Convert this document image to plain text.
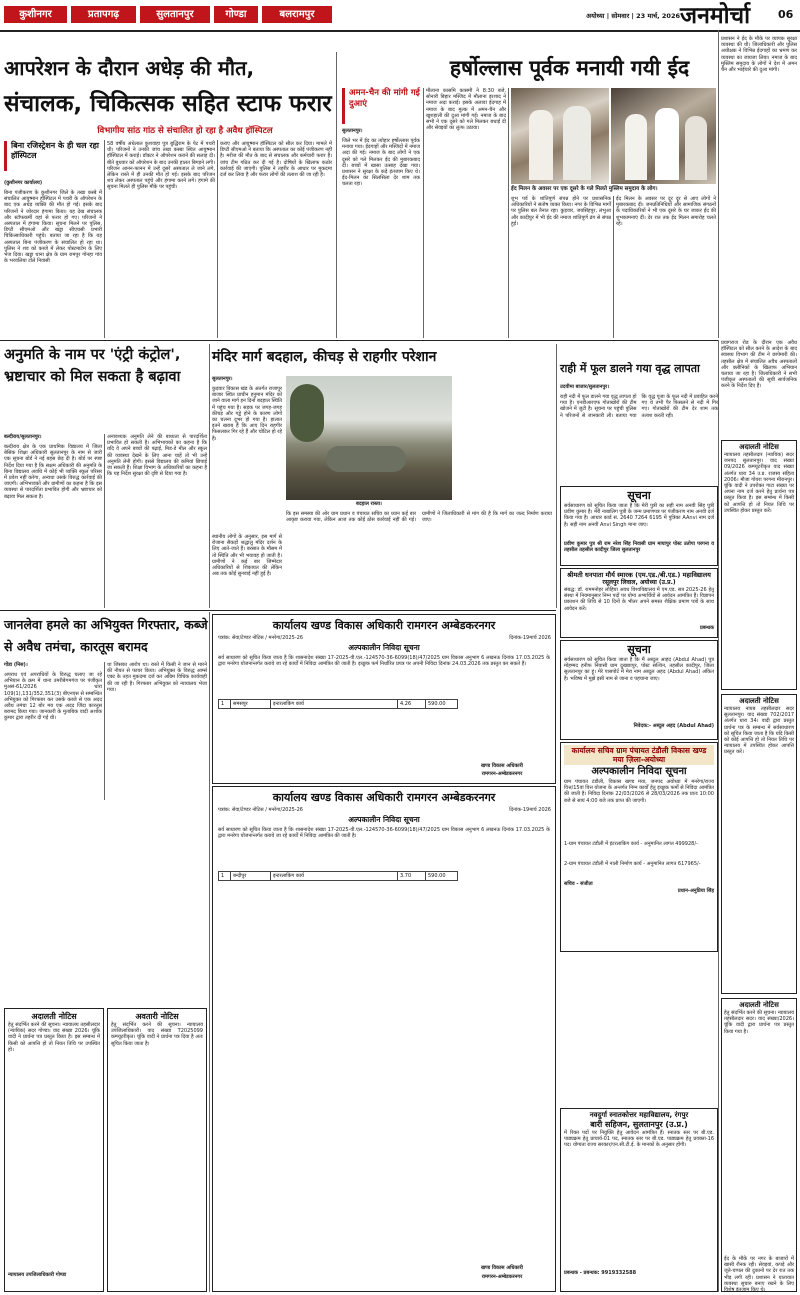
कुशीनगर	प्रतापगढ़	सुलतानपुर	गोण्डा	बलरामपुर	अयोध्या | सोमवार | 23 मार्च, 2026 जनमोर्चा	06
आपरेशन के दौरान अधेड़ की मौत,
संचालक, चिकित्सक सहित स्टाफ फरार
विभागीय सांठ गांठ से संचालित हो रहा है अवैध हॉस्पिटल
बिना रजिस्ट्रेशन के ही चल रहा हॉस्पिटल
(कुशीनगर कार्यालय)
बिना पंजीकरण के कुशीनगर जिले के तखा कस्बे में संचालित आयुष्मान हॉस्पिटल में पथरी के ऑपरेशन के बाद एक अधेड़ व्यक्ति की मौत हो गई। इसके बाद परिजनों ने जोरदार हंगामा किया। यह देख संचालक और स्टॉफकर्मी वहां से फरार हो गए। परिजनों ने अस्पताल में हंगामा किया। सूचना मिलने पर पुलिस, डिप्टी सीएमओ और खड्डा सीएचसी प्रभारी चिकित्साधिकारी पहुंचे। बताया जा रहा है कि यह अस्पताल बिना पंजीकरण के संचालित हो रहा था। पुलिस ने शव को कब्जे में लेकर पोस्टमार्टम के लिए भेज दिया। खड्डा थाना क्षेत्र के ग्राम रामपुर गोनहा गांव के भरवलिया टोले निवासी
58 वर्षीय अंधेलाल कुशवाहा पुत्र बुद्धिराम के पेट में पथरी थी। परिजनों ने उनकी जांच तखा कस्बा स्थित आयुष्मान हॉस्पिटल में कराई। डॉक्टर ने ऑपरेशन कराने की सलाह दी। बीते बुधवार को ऑपरेशन के बाद उनकी हालत बिगड़ने लगी। परिजन आनन-फानन में उन्हें दूसरे अस्पताल ले जाने लगे, लेकिन रास्ते में ही उनकी मौत हो गई। इसके बाद परिजन शव लेकर अस्पताल पहुंचे और हंगामा करने लगे। हंगामे की सूचना मिलते ही पुलिस मौके पर पहुंची।
कराए और आयुष्मान हॉस्पिटल को सील कर दिया। मामले में डिप्टी सीएमओ ने बताया कि अस्पताल का कोई पंजीकरण नहीं है। मरीज की मौत के बाद से संचालक और कर्मचारी फरार हैं। जांच टीम गठित कर दी गई है। दोषियों के खिलाफ कठोर कार्रवाई की जाएगी। पुलिस ने तहरीर के आधार पर मुकदमा दर्ज कर लिया है और फरार लोगों की तलाश की जा रही है।
हर्षोल्लास पूर्वक मनायी गयी ईद
अमन-चैन की मांगी गई दुआएं
सुलतानपुर।
जिले भर में ईद का त्योहार हर्षोल्लास पूर्वक मनाया गया। ईदगाहों और मस्जिदों में नमाज अदा की गई। नमाज के बाद लोगों ने एक दूसरे को गले मिलकर ईद की मुबारकबाद दी। बच्चों में खासा उत्साह देखा गया। प्रशासन ने सुरक्षा के कड़े इंतजाम किए थे। ईद-मिलन का सिलसिला देर शाम तक चलता रहा।
मौलाना कासमि कासमी ने 8:30 बजे, सोनारी बिहार मस्जिद में मौलाना इरशाद ने नमाज अदा कराई। इसके अलावा ईदगाह में नमाज के बाद मुल्क में अमन-चैन और खुशहाली की दुआ मांगी गई। नमाज के बाद सभी ने एक दूसरे को गले मिलकर बधाई दी और सेवइयों का लुत्फ उठाया।
ईद मिलन के अवसर पर एक दूसरे के गले मिलते मुस्लिम समुदाय के लोग।
शुभ पर्व के शांतिपूर्ण संपन्न होने पर प्रशासनिक अधिकारियों ने संतोष व्यक्त किया। नगर के विभिन्न मार्गों पर पुलिस बल तैनात रहा। कुड़वार, जयसिंहपुर, लंभुआ और कादीपुर में भी ईद की नमाज शांतिपूर्ण ढंग से संपन्न हुई।
ईद मिलन के अवसर पर दूर दूर से आए लोगों ने मुबारकबाद दी। जनप्रतिनिधियों और सामाजिक संगठनों के पदाधिकारियों ने भी एक दूसरे के घर जाकर ईद की शुभकामनाएं दीं। देर रात तक ईद मिलन समारोह चलते रहे।
प्रशासन ने ईद के मौके पर व्यापक सुरक्षा व्यवस्था की थी। जिलाधिकारी और पुलिस अधीक्षक ने विभिन्न ईदगाहों का भ्रमण कर व्यवस्था का जायजा लिया। नमाज के बाद मुस्लिम समुदाय के लोगों ने देश में अमन चैन और भाईचारे की दुआ मांगी।
अनुमति के नाम पर 'एंट्री कंट्रोल', भ्रष्टाचार को मिल सकता है बढ़ावा
बल्दीराय/सुलतानपुर।
बल्दीराय क्षेत्र के एक प्राथमिक विद्यालय में जिला बेसिक शिक्षा अधिकारी सुलतानपुर के नाम से जारी एक सूचना बोर्ड ने नई बहस छेड़ दी है। बोर्ड पर स्पष्ट निर्देश दिया गया है कि सक्षम अधिकारी की अनुमति के बिना विद्यालय अवधि में कोई भी व्यक्ति स्कूल परिसर में प्रवेश नहीं करेगा, अन्यथा उसके विरुद्ध कार्रवाई की जाएगी। अभिभावकों और ग्रामीणों का कहना है कि इस व्यवस्था से पारदर्शिता प्रभावित होगी और भ्रष्टाचार को बढ़ावा मिल सकता है।
अनावश्यक अनुमति लेने की बाध्यता से पारदर्शिता प्रभावित हो सकती है। अभिभावकों का कहना है कि यदि वे अपने बच्चों की पढ़ाई, मिड-डे मील और स्कूल की व्यवस्था देखने के लिए आना चाहें तो भी उन्हें अनुमति लेनी होगी। इससे विद्यालय की कमियां छिपाई जा सकती हैं। शिक्षा विभाग के अधिकारियों का कहना है कि यह निर्देश सुरक्षा की दृष्टि से दिया गया है।
मंदिर मार्ग बदहाल, कीचड़ से राहगीर परेशान
सुलतानपुर।
कुड़वार विकास खंड के अंतर्गत राजापुर बाजार स्थित प्राचीन हनुमान मंदिर को जाने वाला मार्ग इन दिनों बदहाल स्थिति में पहुंच गया है। सड़क पर जगह-जगह कीचड़ और गड्ढे होने के कारण लोगों का चलना दूभर हो गया है। हालात इतने खराब हैं कि आए दिन राहगीर फिसलकर गिर रहे हैं और चोटिल हो रहे हैं।
बदहाल रास्ता।
स्थानीय लोगों के अनुसार, इस मार्ग से रोजाना सैकड़ों श्रद्धालु मंदिर दर्शन के लिए आते-जाते हैं। बरसात के मौसम में तो स्थिति और भी भयावह हो जाती है। ग्रामीणों ने कई बार जिम्मेदार अधिकारियों से शिकायत की लेकिन अब तक कोई सुनवाई नहीं हुई है।
कि इस समस्या की ओर ग्राम प्रधान व पंचायत सचिव का ध्यान कई बार आकृष्ट कराया गया, लेकिन आज तक कोई ठोस कार्रवाई नहीं की गई। ग्रामीणों ने जिलाधिकारी से मांग की है कि मार्ग का जल्द निर्माण कराया जाए।
राही में फूल डालने गया वृद्ध लापता
उदयीमा बाजार/सुलतानपुर।
राही नदी में फूल डालने गया वृद्ध लापता हो गया है। एनडीआरएफ गोताखोरों की टीम खोजने में जुटी है। सूचना पर पहुंची पुलिस ने परिजनों से जानकारी ली। बताया गया कि वृद्ध पूजा के फूल नदी में प्रवाहित करने गए थे तभी पैर फिसलने से नदी में गिर गए। गोताखोरों की टीम देर शाम तक तलाश करती रही।
सूचना
सर्वसाधारण को सूचित किया जाता है कि मेरी पुत्री का सही नाम अनवी सिंह पुत्री प्रवीण कुमार है। मेरी नाबालिग पुत्री के जन्म प्रमाणपत्र पर पंजीकरण नाम अनवी दर्ज किया गया है। आधार कार्ड सं. 2640 7264 6195 में पुत्रिका AAnvi नाम दर्ज है। सही नाम अनवी Anvi Singh माना जाए।
प्रवीण कुमार पुत्र श्री राम नरेश सिंह निवासी ग्राम मायापुर पोस्ट उतोपा परगना व तहसील तहसील कादीपुर जिला सुलतानपुर
श्रीमती धनपाता मौर्य स्मारक (एम.एड./बी.एड.) महाविद्यालय
रसूलपुर लिवाल, अयोध्या (उ.प्र.)
संबद्ध: डॉ. राममनोहर लोहिया अवध विश्वविद्यालय में एम.एड. सत्र 2025-26 हेतु संस्था में नियमानुसार निम्न पदों पर योग्य अभ्यर्थियों से आवेदन आमंत्रित हैं। विज्ञापन प्रकाशन की तिथि से 10 दिनों के भीतर अपने समस्त शैक्षिक प्रमाण पत्रों के साथ आवेदन करें।
प्रबन्धक
जानलेवा हमले का अभियुक्त गिरफ्तार, कब्जे से अवैध तमंचा, कारतूस बरामद
गोंडा (निस)।
अपराध एवं अपराधियों के विरुद्ध चलाए जा रहे अभियान के क्रम में थाना उमरीबेगमगंज पर पंजीकृत मुअसं-61/2026 धारा 109(1),131/352,351(3) बीएनएस से सम्बन्धित अभियुक्त को गिरफ्तार कर उसके कब्जे से एक अदद अवैध तमंचा 12 बोर मय एक अदद जिंदा कारतूस बरामद किया गया। जानकारी के मुताबिक वादी अशोक कुमार द्वारा तहरीर दी गई थी।
था जिसका आरोप था। रास्ते में किसी ने जान से मारने की नीयत से फायर किया। अभियुक्त के विरुद्ध आर्म्स एक्ट के तहत मुकदमा दर्ज कर अग्रिम विधिक कार्यवाही की जा रही है। गिरफ्तार अभियुक्त को न्यायालय भेजा गया।
कार्यालय खण्ड विकास अधिकारी रामगरन अम्बेडकरनगर
पत्रांक: सेवा/टेण्डर नोटिस / मनरेगा/2025-26	दिनांक-19मार्च 2026
अल्पकालीन निविदा सूचना
सर्व साधारण को सूचित किया जाता है कि शासनादेश संख्या 17-2025-वी.एल.-124570-36-6099(18)/47/2025 ग्राम विकास अनुभाग 6 लखनऊ दिनांक 17.03.2025 के द्वारा मनरेगा योजनान्तर्गत कराये जा रहे कार्यों में निविदा आमंत्रित की जाती है। इच्छुक फर्म निर्धारित प्रपत्र पर अपनी निविदा दिनांक 24.03.2026 तक प्रस्तुत कर सकते हैं।
1	समसपुर	इन्टरलाकिंग कार्य	4.26	590.00
खण्ड विकास अधिकारी
रामगरन-अम्बेडकरनगर
सूचना
सर्वसाधारण को सूचित किया जाता है कि मैं अब्दुल आहद (Abdul Ahad) पुत्र मोहम्मद हनीफ निवासी ग्राम दुखछापुर, पोस्ट सत्थिन, तहसील कादीपुर, जिला सुलतानपुर का हूं। मेरे पासपोर्ट में मेरा नाम अब्दुल अहद (Abdul Ahad) अंकित है। भविष्य में मुझे इसी नाम से जाना व पहचाना जाए।
निवेदक:- अब्दुल अहद (Abdul Ahad)
कार्यालय सचिव ग्राम पंचायत टंडौली विकास खण्ड मया ज़िला-अयोध्या
अल्पकालीन निविदा सूचना
ग्राम पंचायत टंडौली, विकास खण्ड मया, जनपद अयोध्या में मनरेगा/राज्य वित्त/15वां वित्त योजना के अन्तर्गत निम्न कार्यों हेतु इच्छुक फर्मों से निविदा आमंत्रित की जाती है। निविदा दिनांक 22/03/2026 से 28/03/2026 तक प्रातः 10:00 बजे से सायं 4:00 बजे तक प्राप्त की जाएगी।
1-ग्राम पंचायत टंडौली में इंटरलाकिंग कार्य - अनुमानित लागत 499928/-
2-ग्राम पंचायत टंडौली में नाली निर्माण कार्य - अनुमानित लागत 617965/-
सचिव - संजीता
प्रधान-अनुप्रिया सिंह
कार्यालय खण्ड विकास अधिकारी रामगरन अम्बेडकरनगर
पत्रांक: सेवा/टेण्डर नोटिस / मनरेगा/2025-26	दिनांक-19मार्च 2026
अल्पकालीन निविदा सूचना
सर्व साधारण को सूचित किया जाता है कि शासनादेश संख्या 17-2025-वी.एल.-124570-36-6099(18)/47/2025 ग्राम विकास अनुभाग 6 लखनऊ दिनांक 17.03.2025 के द्वारा मनरेगा योजनान्तर्गत कराये जा रहे कार्यों में निविदा आमंत्रित की जाती है।
1	बन्दीपुर	इन्टरलाकिंग कार्य	3.70	590.00
खण्ड विकास अधिकारी
रामगरन-अम्बेडकरनगर
नवदुर्गा स्नातकोत्तर महाविद्यालय, रंगपुर
बारी सहिजन, सुलतानपुर (उ.प्र.)
में रिक्त पदों पर नियुक्ति हेतु आवेदन आमंत्रित हैं। स्नातक स्तर पर बी.एड. पाठ्यक्रम हेतु प्राचार्य-01 पद, स्नातक स्तर पर बी.एड. पाठ्यक्रम हेतु प्रवक्ता-16 पद। योग्यता राज्य सरकार/एन.सी.टी.ई. के मानकों के अनुसार होगी।
प्रबन्धक - प्रबन्धक: 9919332588
अदालती नोटिस
हेतु संदर्भित करने की सूचना। न्यायालय तहसीलदार (न्यायिक) सदर गोण्डा। वाद संख्या 2026। चूंकि वादी ने प्रार्थना पत्र प्रस्तुत किया है। इस सम्बन्ध में किसी को आपत्ति हो तो नियत तिथि पर उपस्थित हो।
न्यायालय उपजिलाधिकारी गोण्डा
अवतारी नोटिस
हेतु संदर्भित करने की सूचना। न्यायालय उपजिलाधिकारी। वाद संख्या T2025099 कम्प्यूटरीकृत। चूंकि वादी ने प्रार्थना पत्र दिया है अतः सूचित किया जाता है।
प्रयागराज रोड के दौरान एक अवैध हॉस्पिटल को सील करने के आदेश के बाद स्वास्थ्य विभाग की टीम ने छापेमारी की। तहसील क्षेत्र में संचालित अवैध अस्पतालों और क्लीनिकों के खिलाफ अभियान चलाया जा रहा है। जिलाधिकारी ने सभी पंजीकृत अस्पतालों की सूची सार्वजनिक करने के निर्देश दिए हैं।
अदालती नोटिस
न्यायालय तहसीलदार (न्यायिक) सदर जनपद सुलतानपुर। वाद संख्या 09/2026 कम्प्यूटरीकृत वाद संख्या अंतर्गत धारा 34 उ.प्र. राजस्व संहिता 2006। मौजा गोयरा परगना मीरानपुर। चूंकि वादी ने उपरोक्त गाटा संख्या पर अपना नाम दर्ज करने हेतु प्रार्थना पत्र प्रस्तुत किया है। इस सम्बन्ध में किसी को आपत्ति हो तो नियत तिथि पर उपस्थित होकर प्रस्तुत करें।
अदालती नोटिस
न्यायालय नायब तहसीलदार सदर सुलतानपुर। वाद संख्या 702/2017 अंतर्गत धारा 34। वादी द्वारा प्रस्तुत प्रार्थना पत्र के सम्बन्ध में सर्वसाधारण को सूचित किया जाता है कि यदि किसी को कोई आपत्ति हो तो नियत तिथि पर न्यायालय में उपस्थित होकर आपत्ति प्रस्तुत करें।
अदालती नोटिस
हेतु संदर्भित करने की सूचना। न्यायालय तहसीलदार सदर। वाद संख्या/2026। चूंकि वादी द्वारा प्रार्थना पत्र प्रस्तुत किया गया है।
ईद के मौके पर नगर के बाजारों में खासी रौनक रही। सेवइयां, कपड़े और जूते-चप्पल की दुकानों पर देर रात तक भीड़ लगी रही। प्रशासन ने यातायात व्यवस्था सुचारु बनाए रखने के लिए विशेष इंतजाम किए थे।
